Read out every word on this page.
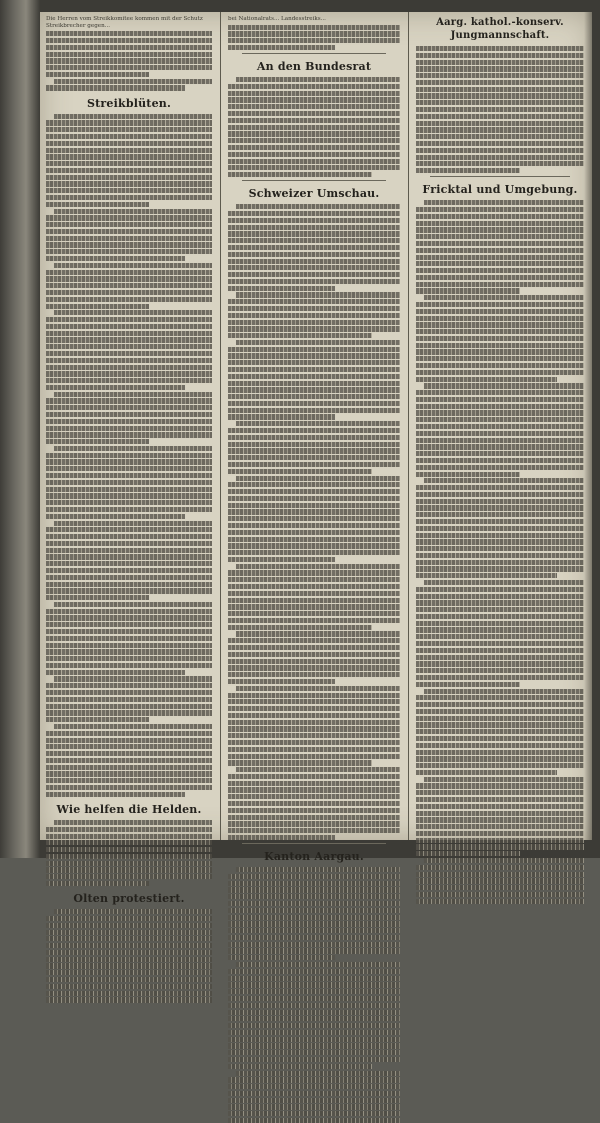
Die Herren vom Streikkomitee kommen mit der Schutz Streikbrecher gegen...
Streikblüten.
Wie helfen die Helden.
Olten protestiert.
bei Nationalrats... Landesstreiks...
An den Bundesrat
Schweizer Umschau.
Kanton Aargau.
Aarg. kathol.-konserv. Jungmannschaft.
Fricktal und Umgebung.
